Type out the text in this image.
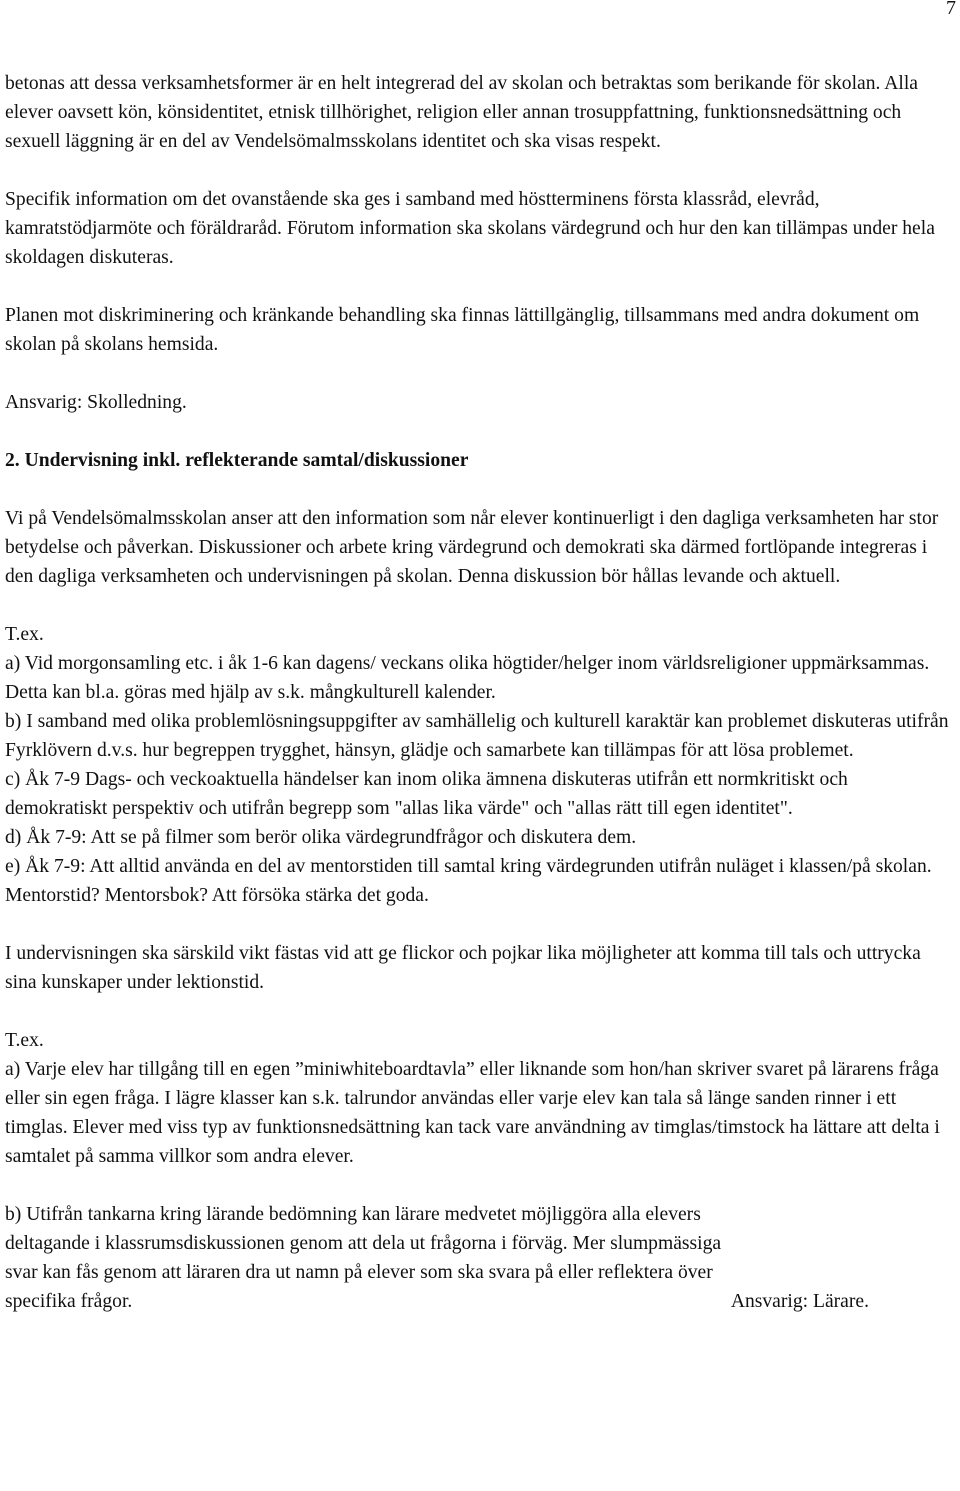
7

betonas att dessa verksamhetsformer är en helt integrerad del av skolan och betraktas som berikande för skolan. Alla elever oavsett kön, könsidentitet, etnisk tillhörighet, religion eller annan trosuppfattning, funktionsnedsättning och sexuell läggning är en del av Vendelsömalmsskolans identitet och ska visas respekt.

Specifik information om det ovanstående ska ges i samband med höstterminens första klassråd, elevråd, kamratstödjarmöte och föräldraråd. Förutom information ska skolans värdegrund och hur den kan tillämpas under hela skoldagen diskuteras.

Planen mot diskriminering och kränkande behandling ska finnas lättillgänglig, tillsammans med andra dokument om skolan på skolans hemsida.

Ansvarig: Skolledning.

2. Undervisning inkl. reflekterande samtal/diskussioner

Vi på Vendelsömalmsskolan anser att den information som når elever kontinuerligt i den dagliga verksamheten har stor betydelse och påverkan. Diskussioner och arbete kring värdegrund och demokrati ska därmed fortlöpande integreras i den dagliga verksamheten och undervisningen på skolan. Denna diskussion bör hållas levande och aktuell.

T.ex.

a) Vid morgonsamling etc. i åk 1-6 kan dagens/ veckans olika högtider/helger inom världsreligioner uppmärksammas. Detta kan bl.a. göras med hjälp av s.k. mångkulturell kalender.

b) I samband med olika problemlösningsuppgifter av samhällelig och kulturell karaktär kan problemet diskuteras utifrån Fyrklövern d.v.s. hur begreppen trygghet, hänsyn, glädje och samarbete kan tillämpas för att lösa problemet.

c) Åk 7-9 Dags- och veckoaktuella händelser kan inom olika ämnena diskuteras utifrån ett normkritiskt och demokratiskt perspektiv och utifrån begrepp som "allas lika värde" och "allas rätt till egen identitet".

d) Åk 7-9: Att se på filmer som berör olika värdegrundfrågor och diskutera dem.

e) Åk 7-9: Att alltid använda en del av mentorstiden till samtal kring värdegrunden utifrån nuläget i klassen/på skolan. Mentorstid? Mentorsbok? Att försöka stärka det goda.

I undervisningen ska särskild vikt fästas vid att ge flickor och pojkar lika möjligheter att komma till tals och uttrycka sina kunskaper under lektionstid.

T.ex.

a) Varje elev har tillgång till en egen ”miniwhiteboardtavla” eller liknande som hon/han skriver svaret på lärarens fråga eller sin egen fråga. I lägre klasser kan s.k. talrundor användas eller varje elev kan tala så länge sanden rinner i ett timglas. Elever med viss typ av funktionsnedsättning kan tack vare användning av timglas/timstock ha lättare att delta i samtalet på samma villkor som andra elever.

b) Utifrån tankarna kring lärande bedömning kan lärare medvetet möjliggöra alla elevers

deltagande i klassrumsdiskussionen genom att dela ut frågorna i förväg. Mer slumpmässiga

svar kan fås genom att läraren dra ut namn på elever som ska svara på eller reflektera över

specifika frågor.	Ansvarig: Lärare.
